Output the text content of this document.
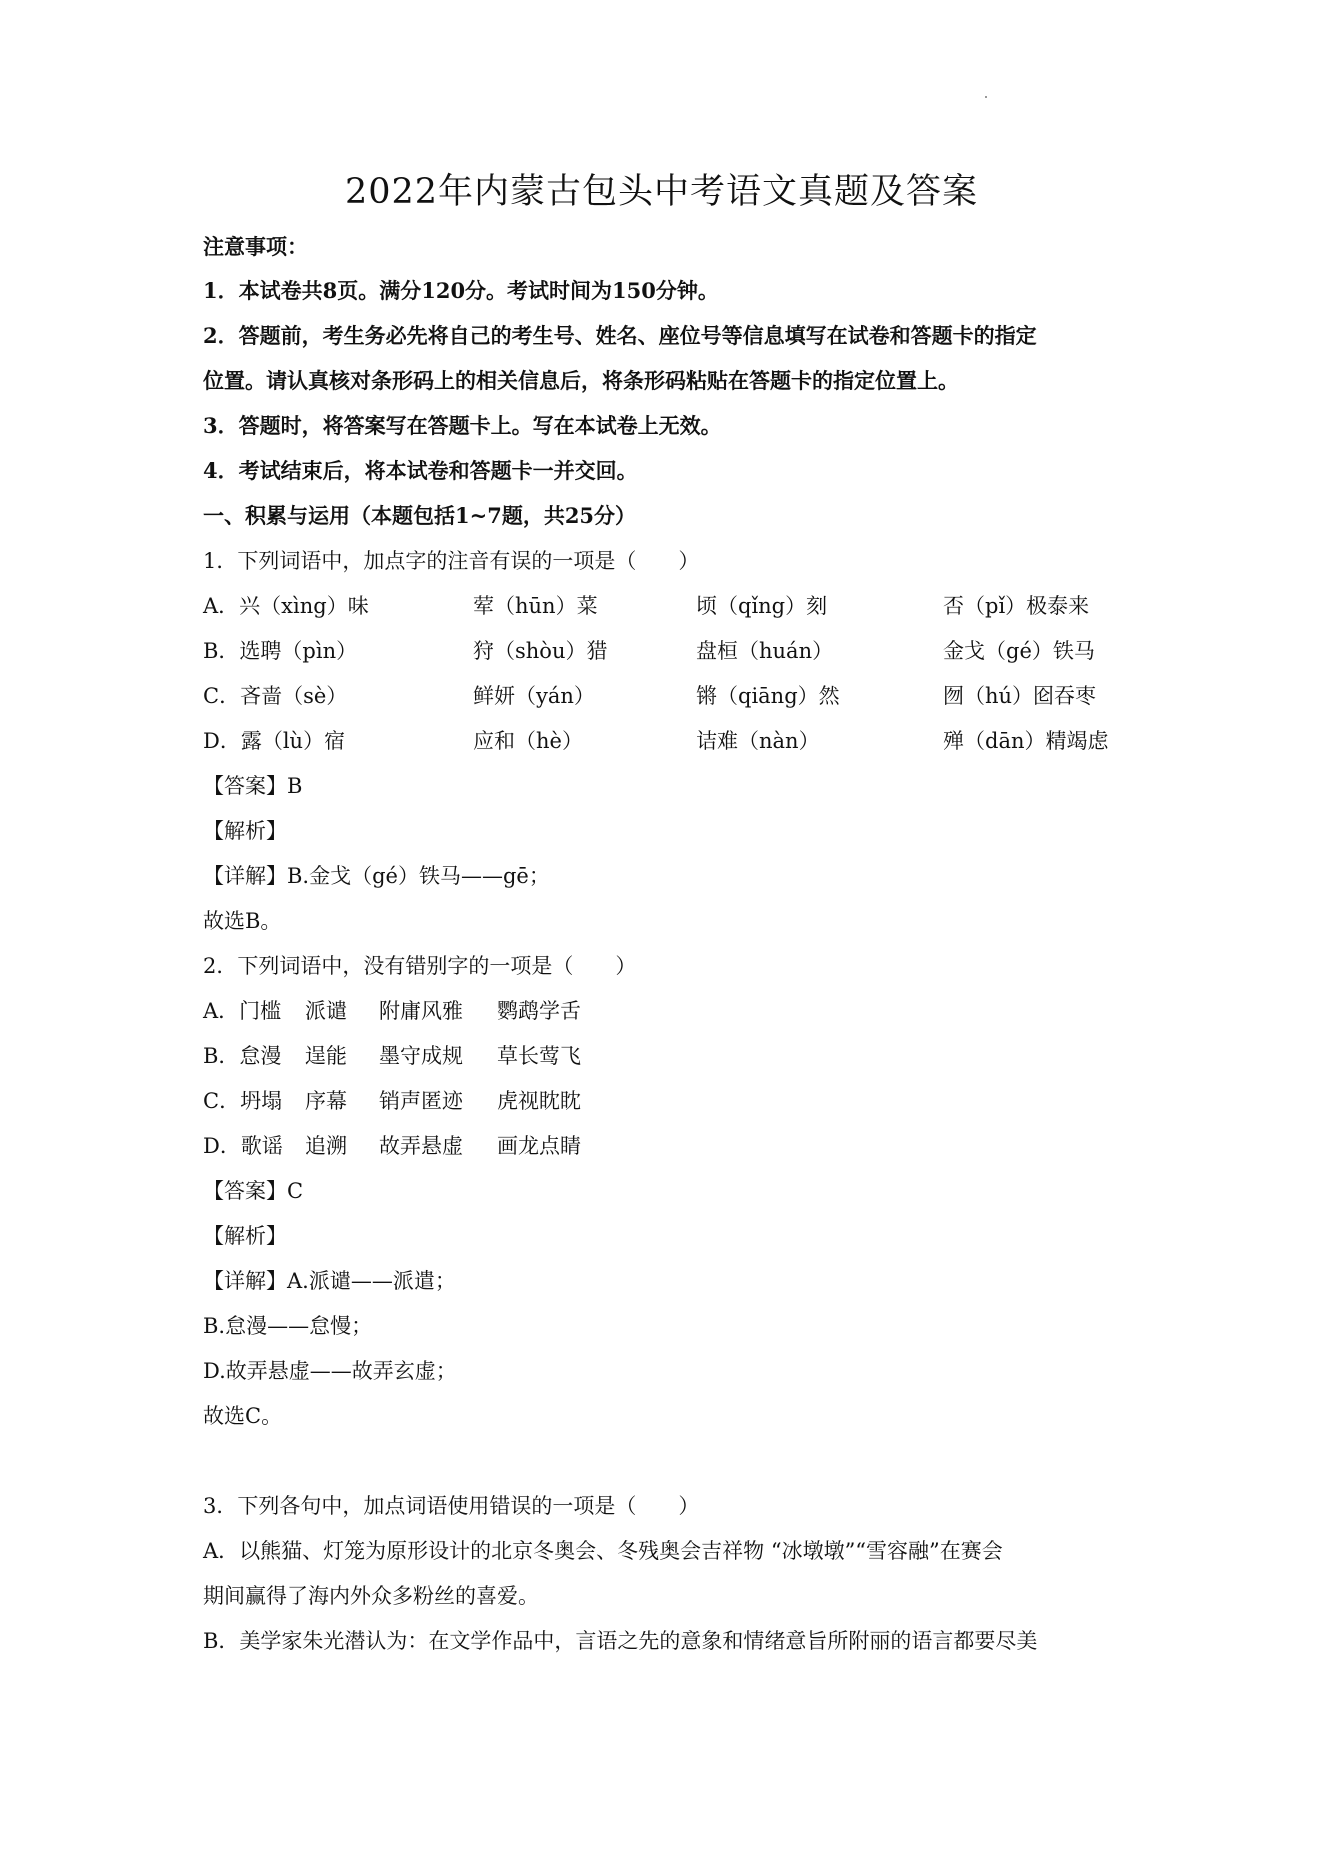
2022年内蒙古包头中考语文真题及答案
注意事项：
1．本试卷共8页。满分120分。考试时间为150分钟。
2．答题前，考生务必先将自己的考生号、姓名、座位号等信息填写在试卷和答题卡的指定
位置。请认真核对条形码上的相关信息后，将条形码粘贴在答题卡的指定位置上。
3．答题时，将答案写在答题卡上。写在本试卷上无效。
4．考试结束后，将本试卷和答题卡一并交回。
一、积累与运用（本题包括1~7题，共25分）
1．下列词语中，加点字的注音有误的一项是（　　）
A．兴（xìng）味	荤（hūn）菜	顷（qǐng）刻	否（pǐ）极泰来
B．选聘（pìn）	狩（shòu）猎	盘桓（huán）	金戈（gé）铁马
C．吝啬（sè）	鲜妍（yán）	锵（qiāng）然	囫（hú）囵吞枣
D．露（lù）宿	应和（hè）	诘难（nàn）	殚（dān）精竭虑
【答案】B
【解析】
【详解】B.金戈（gé）铁马——gē；
故选B。
2．下列词语中，没有错别字的一项是（　　）
A．门槛 派谴 附庸风雅 鹦鹉学舌
B．怠漫 逞能 墨守成规 草长莺飞
C．坍塌 序幕 销声匿迹 虎视眈眈
D．歌谣 追溯 故弄悬虚 画龙点睛
【答案】C
【解析】
【详解】A.派谴——派遣；
B.怠漫——怠慢；
D.故弄悬虚——故弄玄虚；
故选C。
3．下列各句中，加点词语使用错误的一项是（　　）
A．以熊猫、灯笼为原形设计的北京冬奥会、冬残奥会吉祥物 “冰墩墩”“雪容融”在赛会
期间赢得了海内外众多粉丝的喜爱。
B．美学家朱光潜认为：在文学作品中，言语之先的意象和情绪意旨所附丽的语言都要尽美
